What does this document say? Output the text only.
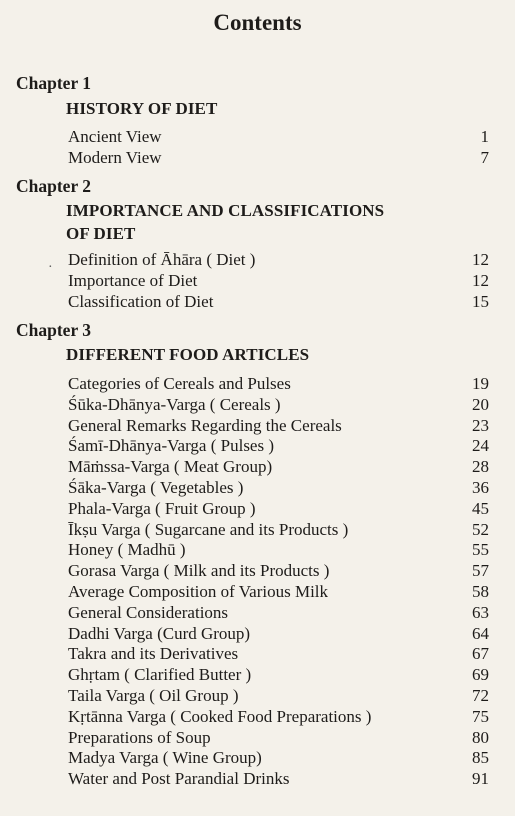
Contents
Chapter 1
HISTORY OF DIET
Ancient View	1
Modern View	7
Chapter 2
IMPORTANCE AND CLASSIFICATIONS
OF DIET
· Definition of Āhāra ( Diet )	12
Importance of Diet	12
Classification of Diet	15
Chapter 3
DIFFERENT FOOD ARTICLES
Categories of Cereals and Pulses	19
Śūka-Dhānya-Varga ( Cereals )	20
General Remarks Regarding the Cereals	23
Śamī-Dhānya-Varga ( Pulses )	24
Māṁssa-Varga ( Meat Group)	28
Śāka-Varga ( Vegetables )	36
Phala-Varga ( Fruit Group )	45
Īkṣu Varga ( Sugarcane and its Products )	52
Honey ( Madhū )	55
Gorasa Varga ( Milk and its Products )	57
Average Composition of Various Milk	58
General Considerations	63
Dadhi Varga (Curd Group)	64
Takra and its Derivatives	67
Ghṛtam ( Clarified Butter )	69
Taila Varga ( Oil Group )	72
Kṛtānna Varga ( Cooked Food Preparations )	75
Preparations of Soup	80
Madya Varga ( Wine Group)	85
Water and Post Parandial Drinks	91
